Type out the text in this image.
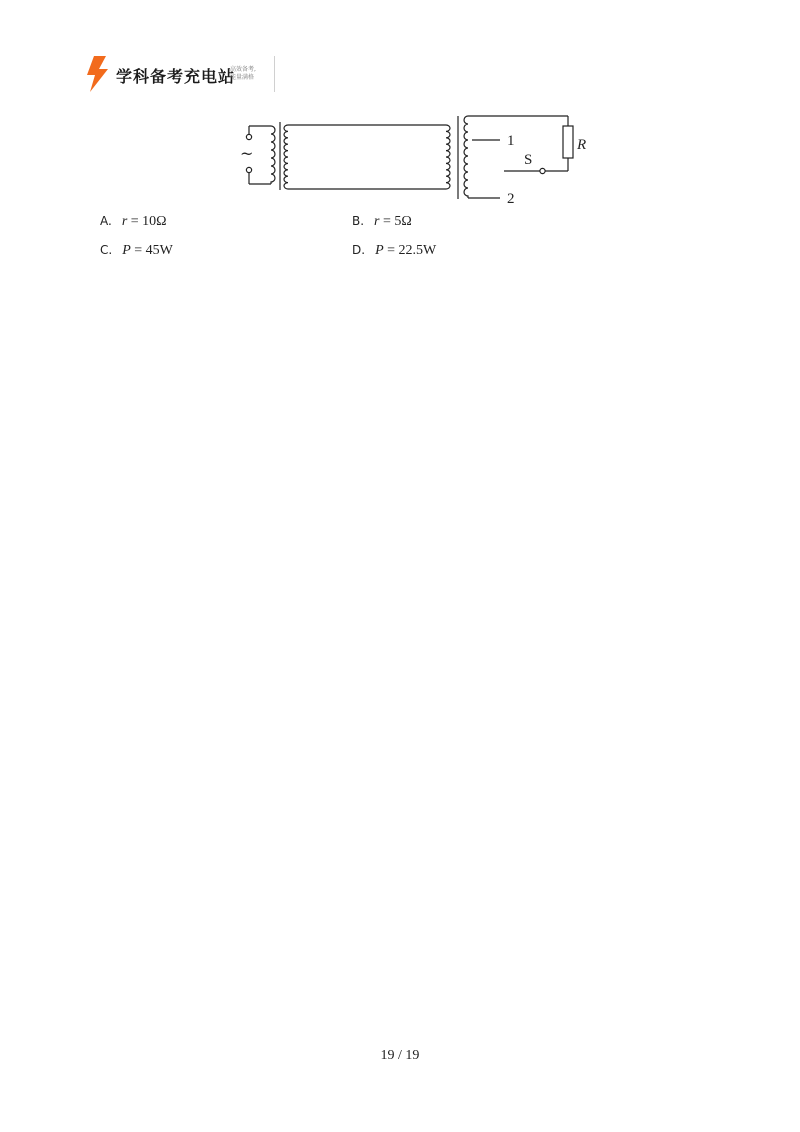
学科备考充电站
高效备考,
能量满格
~
1
2
S
R
A. r = 10Ω	B. r = 5Ω
C. P = 45W	D. P = 22.5W
19 / 19
